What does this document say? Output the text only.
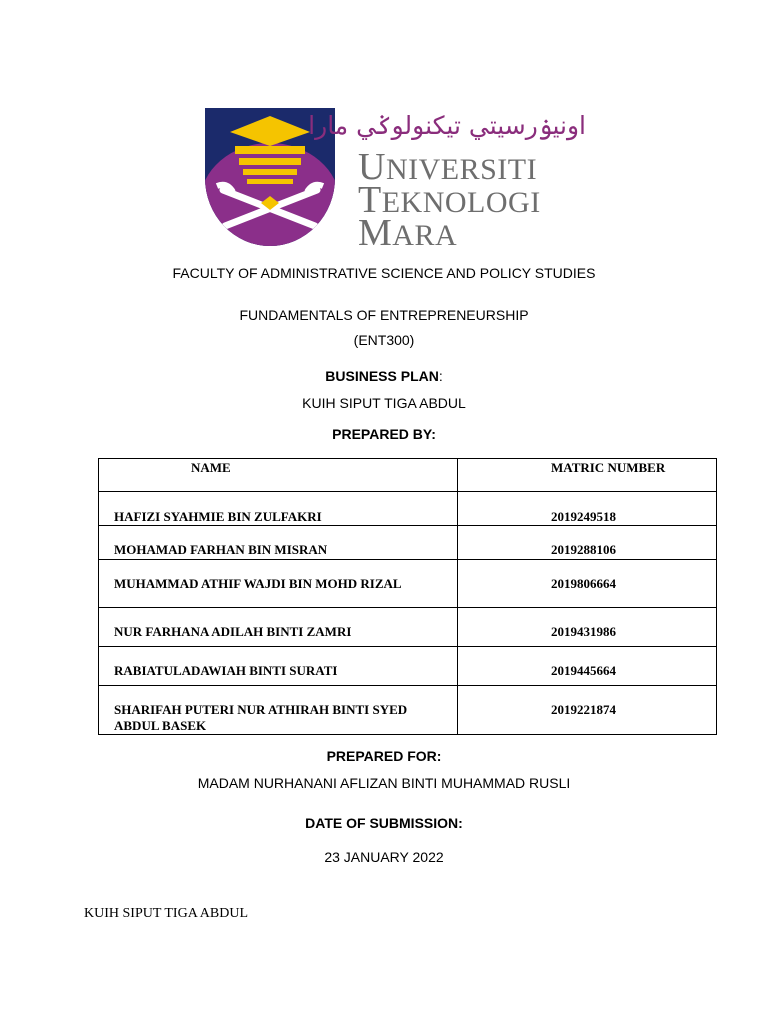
اونيۏرسيتي تيکنولوݢي مارا
UNIVERSITI
TEKNOLOGI
MARA
FACULTY OF ADMINISTRATIVE SCIENCE AND POLICY STUDIES
FUNDAMENTALS OF ENTREPRENEURSHIP
(ENT300)
BUSINESS PLAN:
KUIH SIPUT TIGA ABDUL
PREPARED BY:
NAME	MATRIC NUMBER

HAFIZI SYAHMIE BIN ZULFAKRI	2019249518

MOHAMAD FARHAN BIN MISRAN	2019288106

MUHAMMAD ATHIF WAJDI BIN MOHD RIZAL	2019806664

NUR FARHANA ADILAH BINTI ZAMRI	2019431986

RABIATULADAWIAH BINTI SURATI	2019445664

SHARIFAH PUTERI NUR ATHIRAH BINTI SYED ABDUL BASEK	2019221874
PREPARED FOR:
MADAM NURHANANI AFLIZAN BINTI MUHAMMAD RUSLI
DATE OF SUBMISSION:
23 JANUARY 2022
KUIH SIPUT TIGA ABDUL
